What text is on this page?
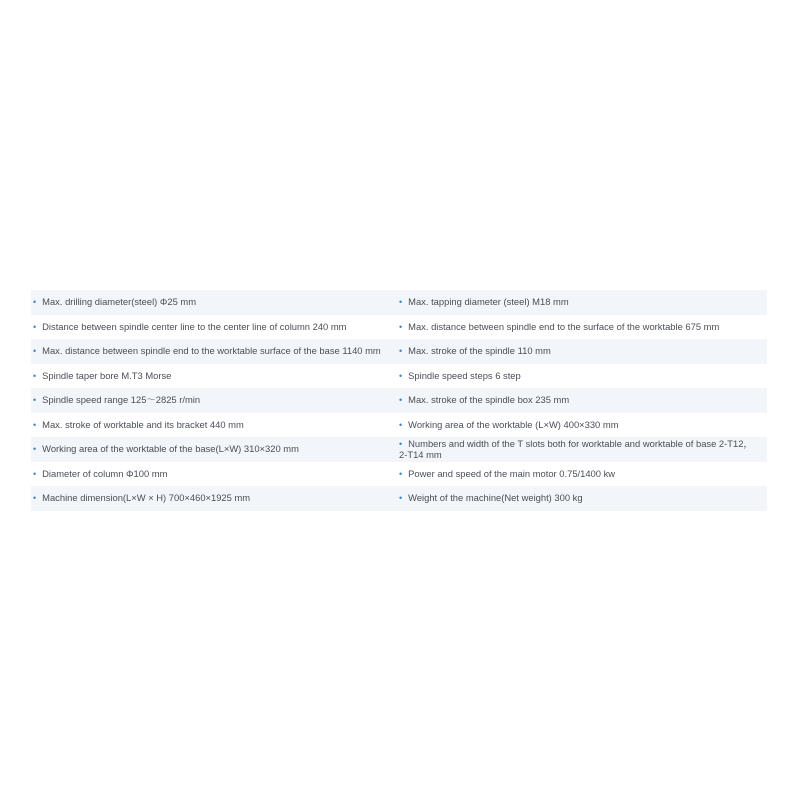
• Max. drilling diameter(steel) Φ25 mm	• Max. tapping diameter (steel) M18 mm
• Distance between spindle center line to the center line of column 240 mm	• Max. distance between spindle end to the surface of the worktable 675 mm
• Max. distance between spindle end to the worktable surface of the base 1140 mm • Max. stroke of the spindle 110 mm
• Spindle taper bore M.T3 Morse	• Spindle speed steps 6 step
• Spindle speed range 125～2825 r/min	• Max. stroke of the spindle box 235 mm
• Max. stroke of worktable and its bracket 440 mm	• Working area of the worktable (L×W) 400×330 mm
• Working area of the worktable of the base(L×W) 310×320 mm	• Numbers and width of the T slots both for worktable and worktable of base 2-T12，2-T14 mm
• Diameter of column Φ100 mm	• Power and speed of the main motor 0.75/1400 kw
• Machine dimension(L×W × H) 700×460×1925 mm	• Weight of the machine(Net weight) 300 kg
